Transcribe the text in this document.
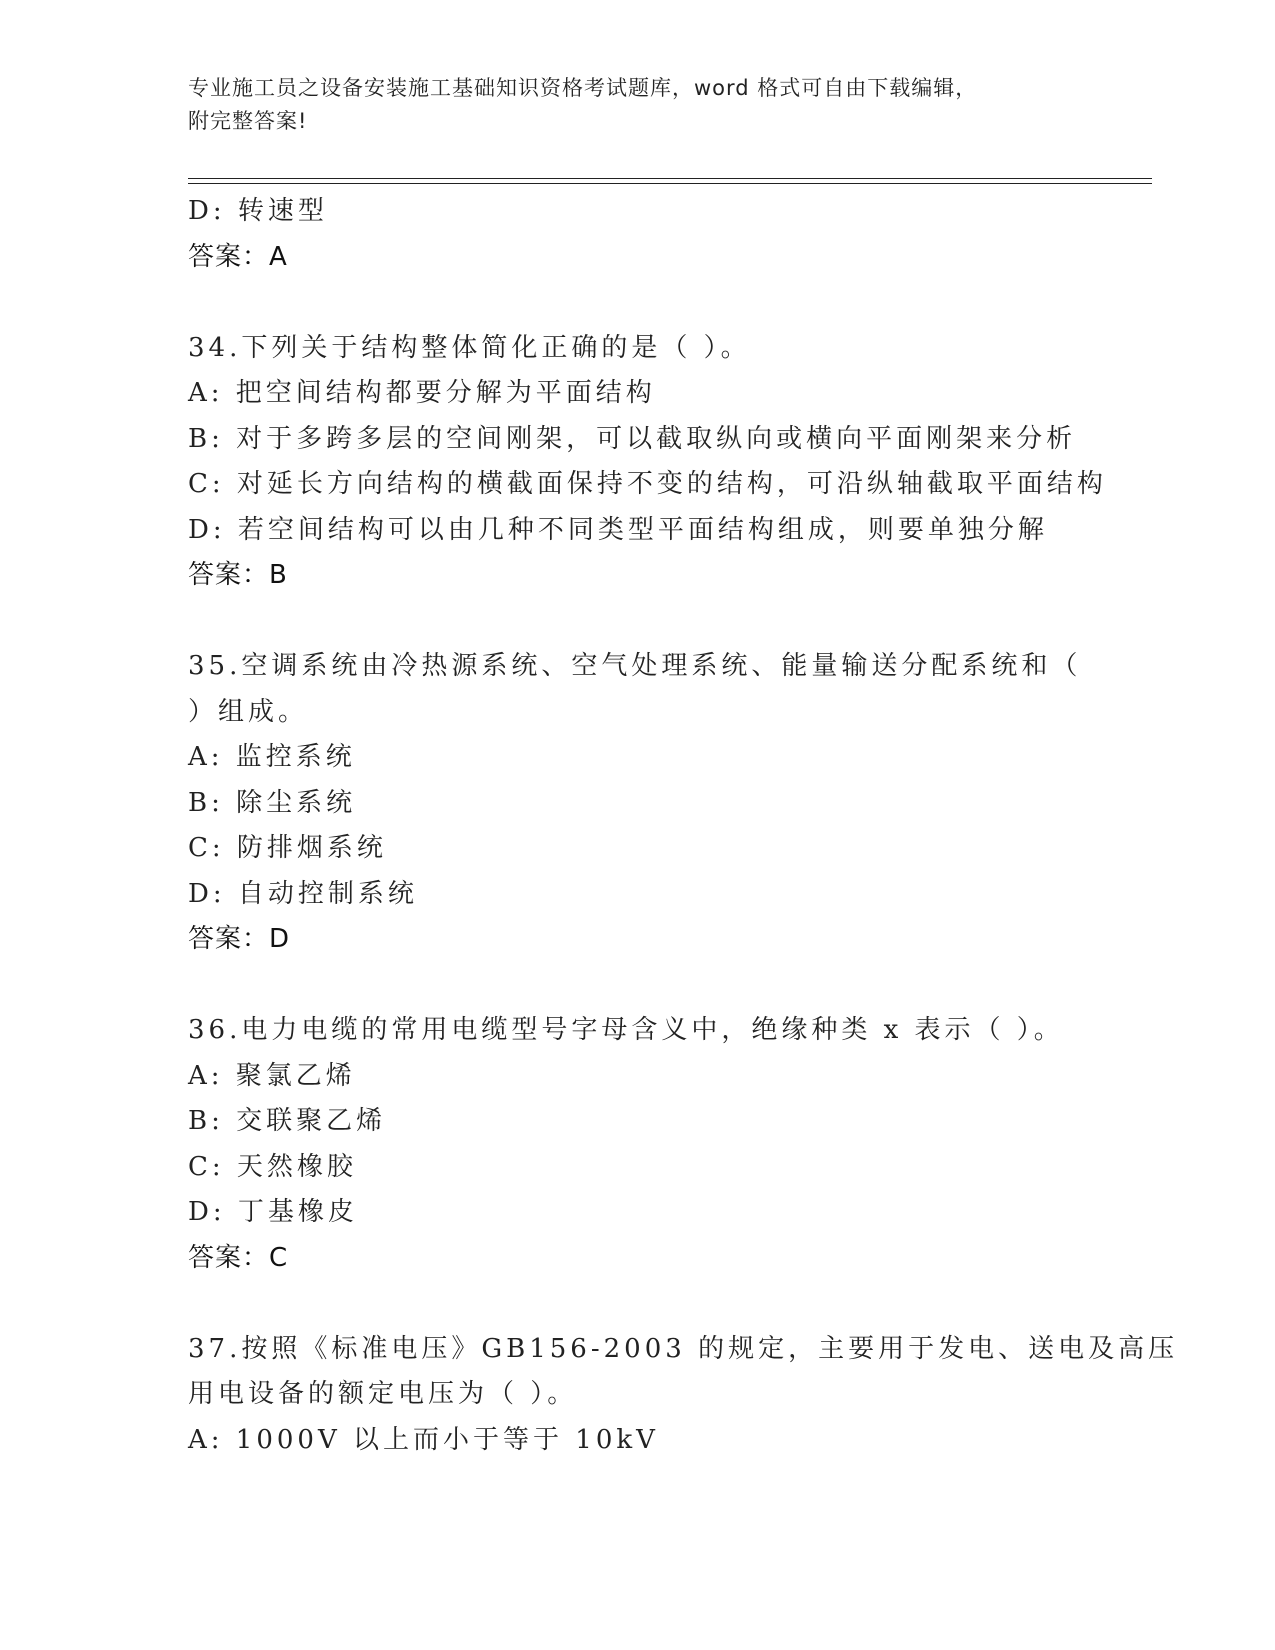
专业施工员之设备安装施工基础知识资格考试题库，word 格式可自由下载编辑，
附完整答案!
D: 转速型
答案：A
34.下列关于结构整体简化正确的是（ ）。
A: 把空间结构都要分解为平面结构
B: 对于多跨多层的空间刚架，可以截取纵向或横向平面刚架来分析
C: 对延长方向结构的横截面保持不变的结构，可沿纵轴截取平面结构
D: 若空间结构可以由几种不同类型平面结构组成，则要单独分解
答案：B
35.空调系统由冷热源系统、空气处理系统、能量输送分配系统和（
）组成。
A: 监控系统
B: 除尘系统
C: 防排烟系统
D: 自动控制系统
答案：D
36.电力电缆的常用电缆型号字母含义中，绝缘种类 x 表示（ ）。
A: 聚氯乙烯
B: 交联聚乙烯
C: 天然橡胶
D: 丁基橡皮
答案：C
37.按照《标准电压》GB156-2003 的规定，主要用于发电、送电及高压
用电设备的额定电压为（ ）。
A: 1000V 以上而小于等于 10kV
